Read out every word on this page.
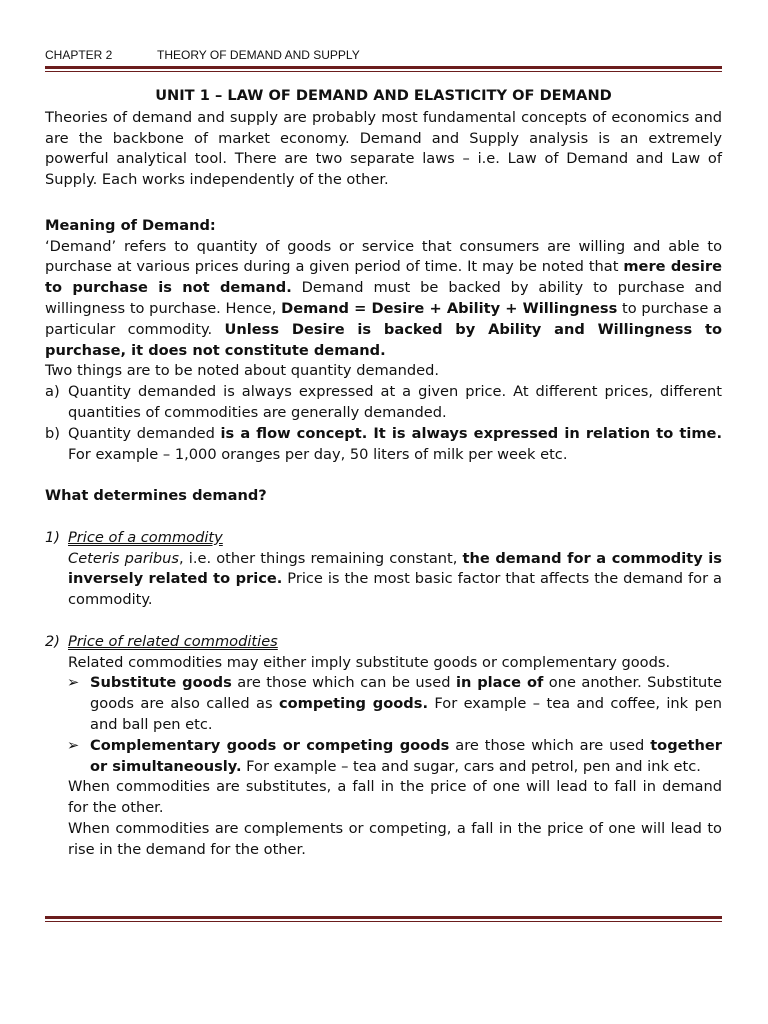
CHAPTER 2	THEORY OF DEMAND AND SUPPLY

UNIT 1 – LAW OF DEMAND AND ELASTICITY OF DEMAND

Theories of demand and supply are probably most fundamental concepts of economics and are the backbone of market economy. Demand and Supply analysis is an extremely powerful analytical tool. There are two separate laws – i.e. Law of Demand and Law of Supply. Each works independently of the other.

Meaning of Demand:

‘Demand’ refers to quantity of goods or service that consumers are willing and able to purchase at various prices during a given period of time. It may be noted that mere desire to purchase is not demand. Demand must be backed by ability to purchase and willingness to purchase. Hence, Demand = Desire + Ability + Willingness to purchase a particular commodity. Unless Desire is backed by Ability and Willingness to purchase, it does not constitute demand.

Two things are to be noted about quantity demanded.

a) Quantity demanded is always expressed at a given price. At different prices, different quantities of commodities are generally demanded.
b) Quantity demanded is a flow concept. It is always expressed in relation to time. For example – 1,000 oranges per day, 50 liters of milk per week etc.

What determines demand?

1) Price of a commodity

Ceteris paribus, i.e. other things remaining constant, the demand for a commodity is inversely related to price. Price is the most basic factor that affects the demand for a commodity.

2) Price of related commodities

Related commodities may either imply substitute goods or complementary goods.

➢ Substitute goods are those which can be used in place of one another. Substitute goods are also called as competing goods. For example – tea and coffee, ink pen and ball pen etc.
➢ Complementary goods or competing goods are those which are used together or simultaneously. For example – tea and sugar, cars and petrol, pen and ink etc.

When commodities are substitutes, a fall in the price of one will lead to fall in demand for the other.

When commodities are complements or competing, a fall in the price of one will lead to rise in the demand for the other.
